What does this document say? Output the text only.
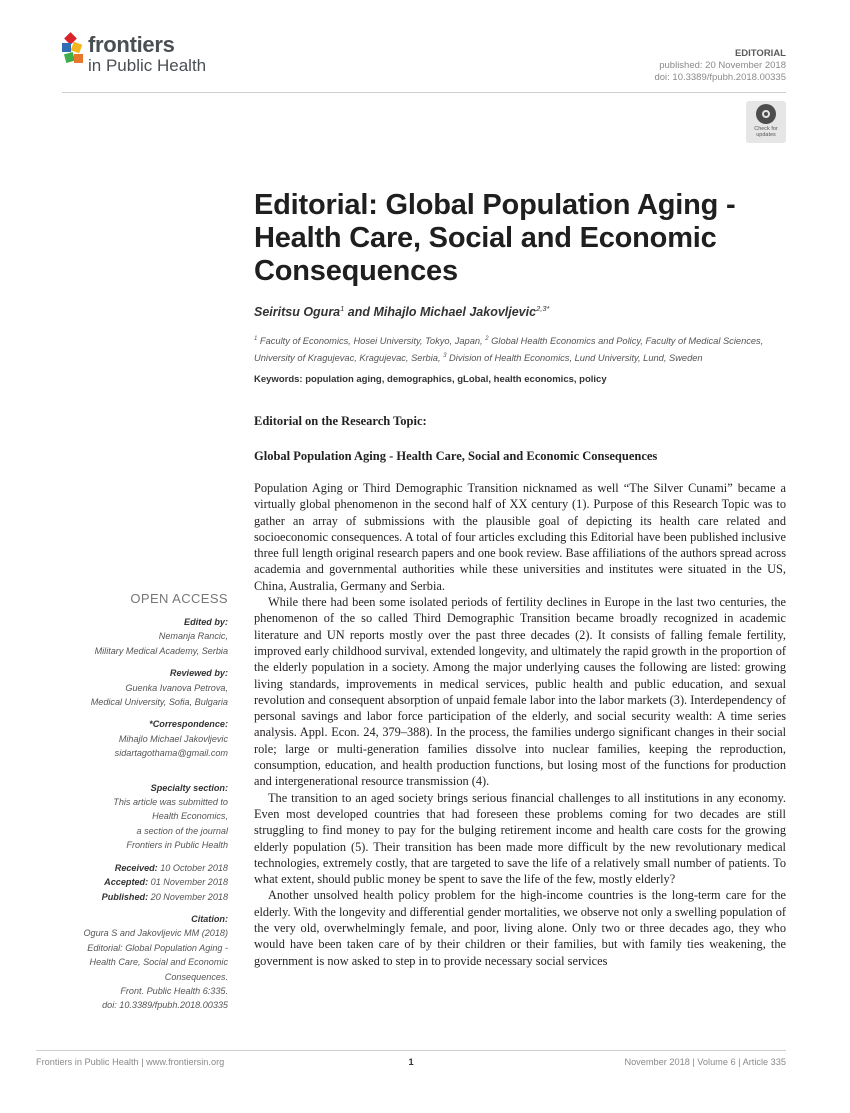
frontiers
in Public Health
EDITORIAL
published: 20 November 2018
doi: 10.3389/fpubh.2018.00335
Check for
updates
Editorial: Global Population Aging - Health Care, Social and Economic Consequences
Seiritsu Ogura$^1$ and Mihajlo Michael Jakovljevic$^{2,3*}$
$^1$ Faculty of Economics, Hosei University, Tokyo, Japan, $^2$ Global Health Economics and Policy, Faculty of Medical Sciences, University of Kragujevac, Kragujevac, Serbia, $^3$ Division of Health Economics, Lund University, Lund, Sweden
Keywords: population aging, demographics, gLobal, health economics, policy
Editorial on the Research Topic:
Global Population Aging - Health Care, Social and Economic Consequences

Population Aging or Third Demographic Transition nicknamed as well “The Silver Cunami” became a virtually global phenomenon in the second half of XX century (1). Purpose of this Research Topic was to gather an array of submissions with the plausible goal of depicting its health care related and socioeconomic consequences. A total of four articles excluding this Editorial have been published inclusive three full length original research papers and one book review. Base affiliations of the authors spread across academia and governmental authorities while these universities and institutes were situated in the US, China, Australia, Germany and Serbia.

While there had been some isolated periods of fertility declines in Europe in the last two centuries, the phenomenon of the so called Third Demographic Transition became broadly recognized in academic literature and UN reports mostly over the past three decades (2). It consists of falling female fertility, improved early childhood survival, extended longevity, and ultimately the rapid growth in the proportion of the elderly population in a society. Among the major underlying causes the following are listed: growing living standards, improvements in medical services, public health and public education, and sexual revolution and consequent absorption of unpaid female labor into the labor markets (3). Interdependency of personal savings and labor force participation of the elderly, and social security wealth: A time series analysis. Appl. Econ. 24, 379–388). In the process, the families undergo significant changes in their social role; large or multi-generation families dissolve into nuclear families, keeping the reproduction, consumption, education, and health production functions, but losing most of the functions for production and intergenerational resource transmission (4).

The transition to an aged society brings serious financial challenges to all institutions in any economy. Even most developed countries that had foreseen these problems coming for two decades are still struggling to find money to pay for the bulging retirement income and health care costs for the growing elderly population (5). Their transition has been made more difficult by the new revolutionary medical technologies, extremely costly, that are targeted to save the life of a relatively small number of patients. To what extent, should public money be spent to save the life of the few, mostly elderly?

Another unsolved health policy problem for the high-income countries is the long-term care for the elderly. With the longevity and differential gender mortalities, we observe not only a swelling population of the very old, overwhelmingly female, and poor, living alone. Only two or three decades ago, they who would have been taken care of by their children or their families, but with family ties weakening, the government is now asked to step in to provide necessary social services

OPEN ACCESS
Edited by:
Nemanja Rancic,
Military Medical Academy, Serbia
Reviewed by:
Guenka Ivanova Petrova,
Medical University, Sofia, Bulgaria
*Correspondence:
Mihajlo Michael Jakovljevic
sidartagothama@gmail.com
Specialty section:
This article was submitted to
Health Economics,
a section of the journal
Frontiers in Public Health
Received: 10 October 2018
Accepted: 01 November 2018
Published: 20 November 2018
Citation:
Ogura S and Jakovljevic MM (2018)
Editorial: Global Population Aging -
Health Care, Social and Economic
Consequences.
Front. Public Health 6:335.
doi: 10.3389/fpubh.2018.00335
Frontiers in Public Health | www.frontiersin.org	1	November 2018 | Volume 6 | Article 335
